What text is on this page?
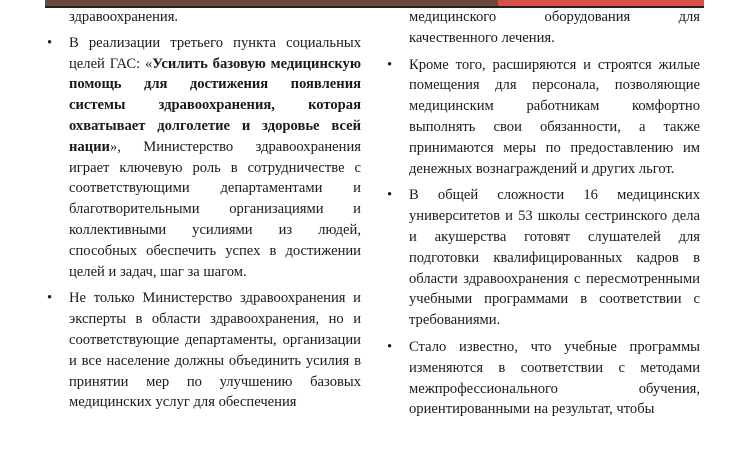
здравоохранения.

• В реализации третьего пункта социальных целей ГАС: «Усилить базовую медицинскую помощь для достижения появления системы здравоохранения, которая охватывает долголетие и здоровье всей нации», Министерство здравоохранения играет ключевую роль в сотрудничестве с соответствующими департаментами и благотворительными организациями и коллективными усилиями из людей, способных обеспечить успех в достижении целей и задач, шаг за шагом.

• Не только Министерство здравоохранения и эксперты в области здравоохранения, но и соответствующие департаменты, организации и все население должны объединить усилия в принятии мер по улучшению базовых медицинских услуг для обеспечения

медицинского оборудования для качественного лечения.

• Кроме того, расширяются и строятся жилые помещения для персонала, позволяющие медицинским работникам комфортно выполнять свои обязанности, а также принимаются меры по предоставлению им денежных вознаграждений и других льгот.

• В общей сложности 16 медицинских университетов и 53 школы сестринского дела и акушерства готовят слушателей для подготовки квалифицированных кадров в области здравоохранения с пересмотренными учебными программами в соответствии с требованиями.

• Стало известно, что учебные программы изменяются в соответствии с методами межпрофессионального обучения, ориентированными на результат, чтобы
